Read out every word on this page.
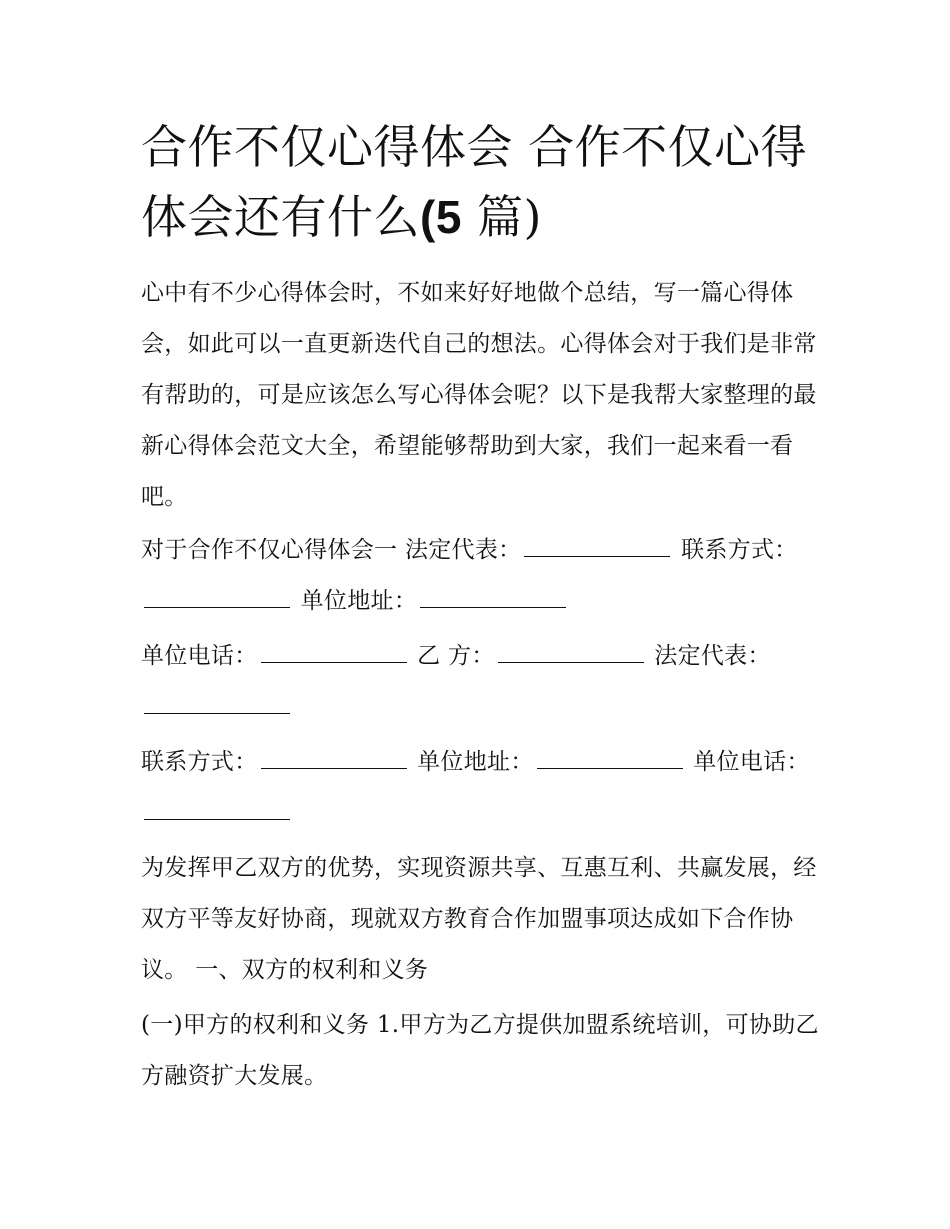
合作不仅心得体会 合作不仅心得体会还有什么(5 篇)

心中有不少心得体会时，不如来好好地做个总结，写一篇心得体会，如此可以一直更新迭代自己的想法。心得体会对于我们是非常有帮助的，可是应该怎么写心得体会呢？以下是我帮大家整理的最新心得体会范文大全，希望能够帮助到大家，我们一起来看一看吧。

对于合作不仅心得体会一 法定代表：	联系方式： 单位地址：

单位电话：	乙 方：	法定代表：

联系方式：	单位地址：	单位电话：

为发挥甲乙双方的优势，实现资源共享、互惠互利、共赢发展，经双方平等友好协商，现就双方教育合作加盟事项达成如下合作协议。 一、双方的权利和义务

(一)甲方的权利和义务 1.甲方为乙方提供加盟系统培训，可协助乙方融资扩大发展。
